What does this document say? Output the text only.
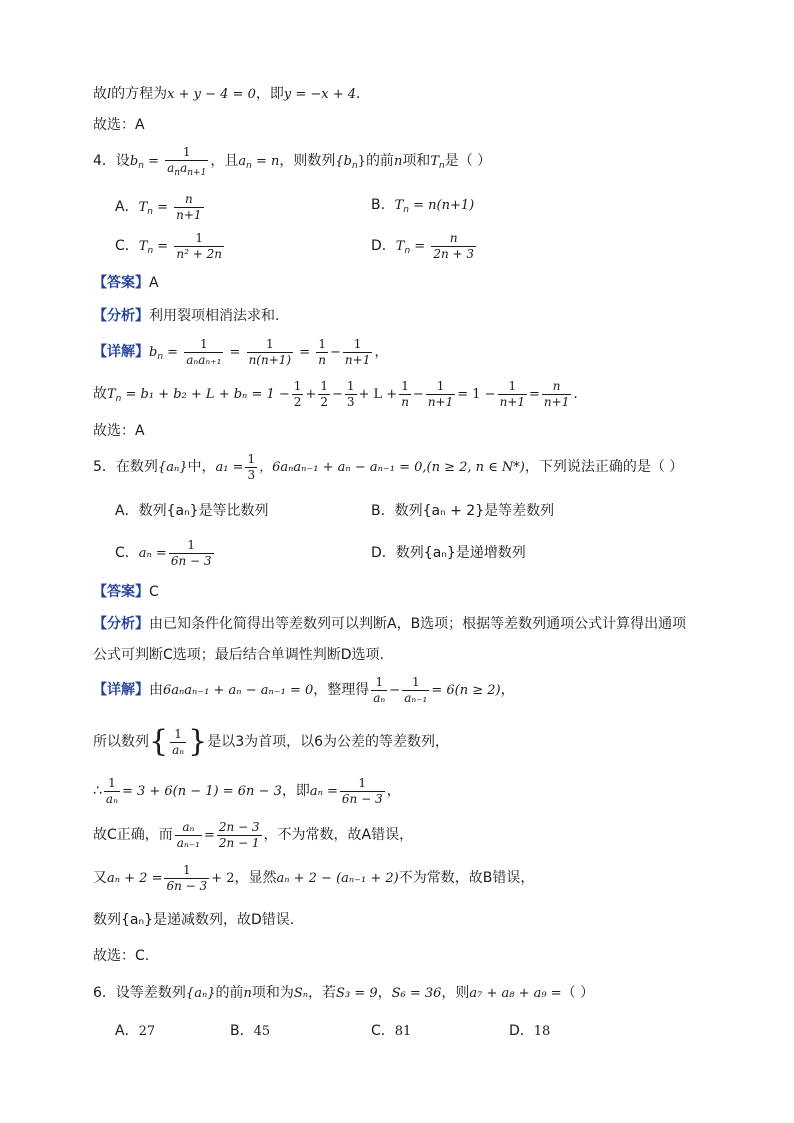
故l的方程为x + y − 4 = 0，即y = −x + 4.
故选：A
4．设$b_n = \frac{1}{a_na_{n+1}}$ ，且$a_n = n$，则数列$\{b_n\}$的前n项和$T_n$是（ ）
A．$T_n = \frac{n}{n+1}$	B．$T_n = n(n+1)$
C．$T_n = \frac{1}{\text{n² + 2n}}$	D．$T_n = \frac{n}{2n + 3}$
【答案】A
【分析】利用裂项相消法求和.
【详解】$b_n = \frac{1}{\text{aₙaₙ₊₁}} = \frac{1}{n(n+1)} = \frac{1}{n} - \frac{1}{n+1}$ ，
故$T_n = b_1 + b_2 + L + b_n = 1 - \frac{1}{2} + \frac{1}{2} - \frac{1}{3} + L + \frac{1}{n} - \frac{1}{n+1} = 1 - \frac{1}{n+1} = \frac{n}{n+1}$ .
故选：A
5．在数列{aₙ}中，$a_1 = \frac{1}{3}$ ，6aₙaₙ₋₁ + aₙ − aₙ₋₁ = 0,(n ≥ 2, n ∈ N*)，下列说法正确的是（ ）
A．数列{aₙ}是等比数列	B．数列{aₙ + 2}是等差数列
C．$a_n = \frac{1}{6n - 3}$	D．数列{aₙ}是递增数列
【答案】C
【分析】由已知条件化简得出等差数列可以判断A，B选项；根据等差数列通项公式计算得出通项
公式可判断C选项；最后结合单调性判断D选项.
【详解】由6aₙaₙ₋₁ + aₙ − aₙ₋₁ = 0，整理得 $\frac{1}{\text{aₙ}} - \frac{1}{\text{aₙ₋₁}} = 6(n \ge 2)$，
所以数列{ $\frac{1}{\text{aₙ}}$ }是以3为首项，以6为公差的等差数列，
∴ $\frac{1}{\text{aₙ}} = 3 + 6(n - 1) = 6n - 3$，即$a_n = \frac{1}{6n - 3}$ ，
故C正确，而 $\frac{\text{aₙ}}{\text{aₙ₋₁}} = \frac{2n - 3}{2n - 1}$ ，不为常数，故A错误，
又$a_n + 2 = \frac{1}{6n - 3} + 2$，显然aₙ + 2 − (aₙ₋₁ + 2)不为常数，故B错误，
数列{aₙ}是递减数列，故D错误.
故选：C.
6．设等差数列{aₙ}的前n项和为Sₙ，若S₃ = 9，S₆ = 36，则a₇ + a₈ + a₉ =（ ）
A．27	B．45	C．81	D．18
